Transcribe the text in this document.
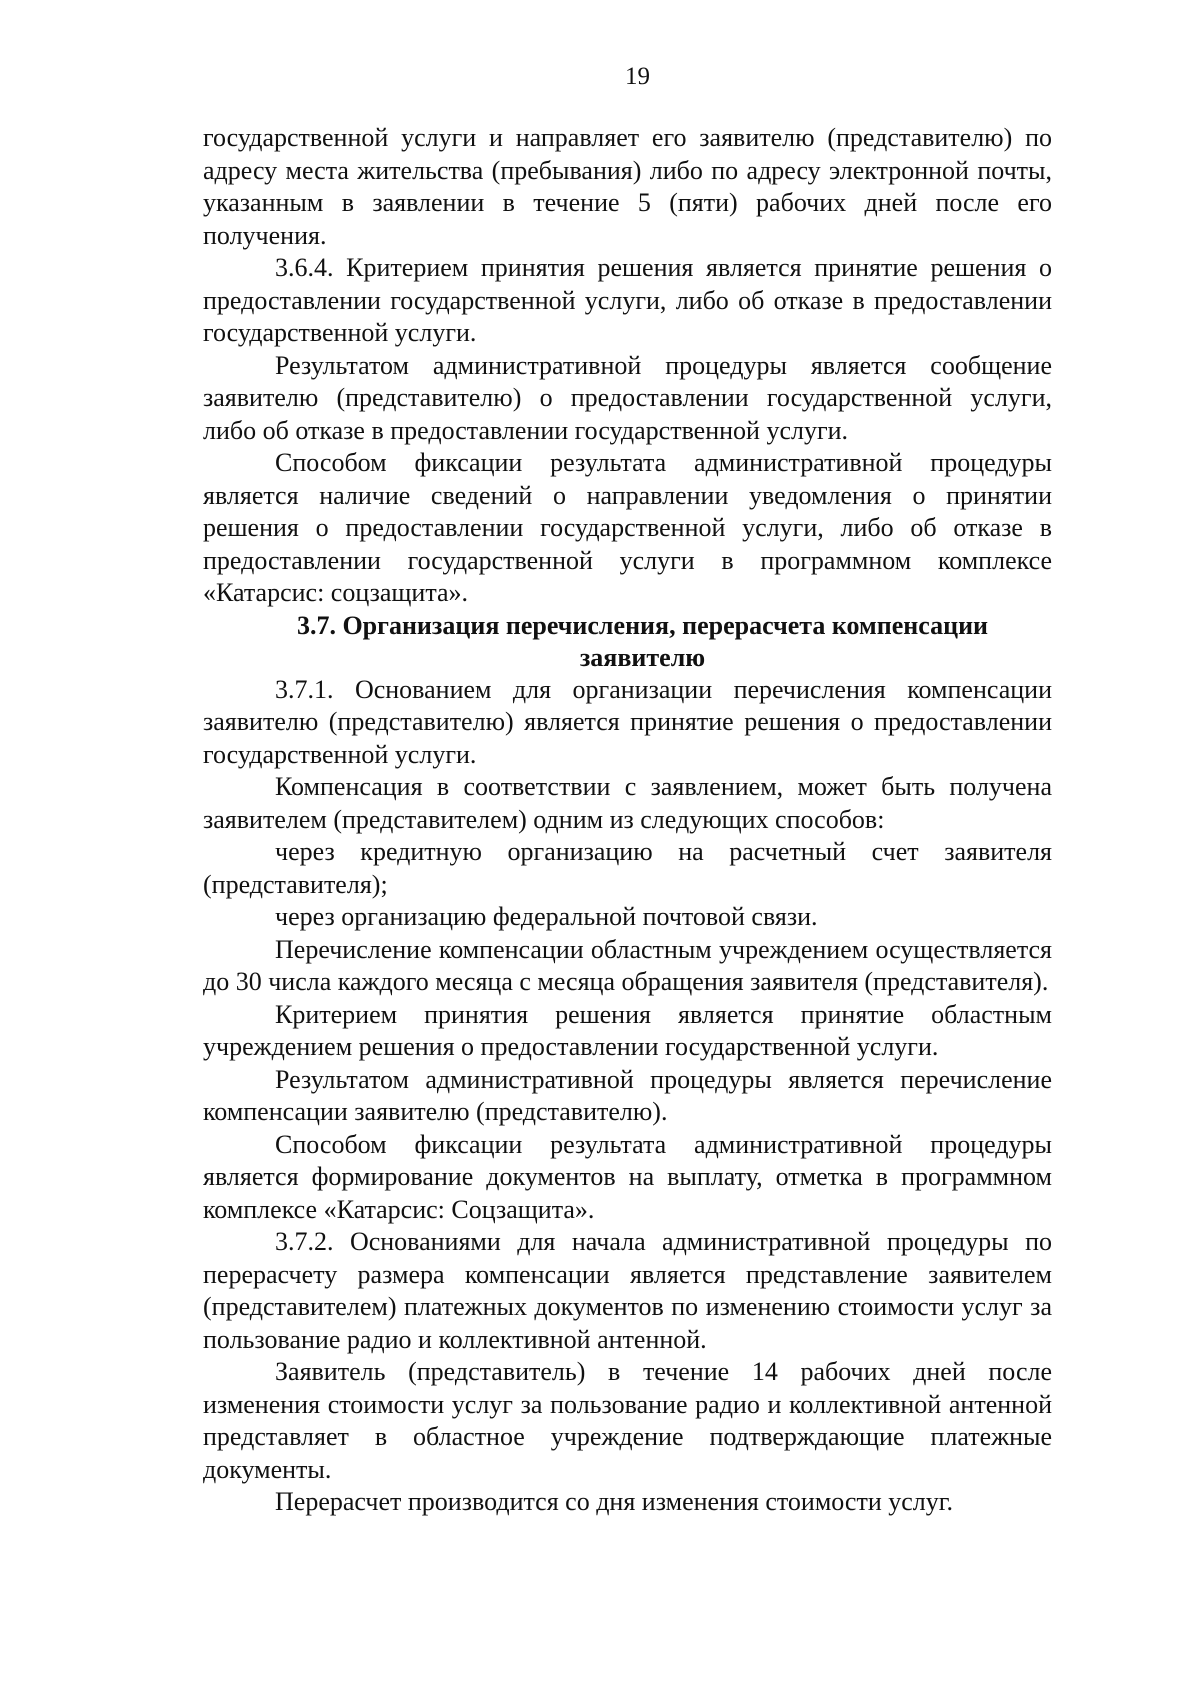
19

государственной услуги и направляет его заявителю (представителю) по адресу места жительства (пребывания) либо по адресу электронной почты, указанным в заявлении в течение 5 (пяти) рабочих дней после его получения.

3.6.4. Критерием принятия решения является принятие решения о предоставлении государственной услуги, либо об отказе в предоставлении государственной услуги.

Результатом административной процедуры является сообщение заявителю (представителю) о предоставлении государственной услуги, либо об отказе в предоставлении государственной услуги.

Способом фиксации результата административной процедуры является наличие сведений о направлении уведомления о принятии решения о предоставлении государственной услуги, либо об отказе в предоставлении государственной услуги в программном комплексе «Катарсис: соцзащита».

3.7. Организация перечисления, перерасчета компенсации

заявителю

3.7.1. Основанием для организации перечисления компенсации заявителю (представителю) является принятие решения о предоставлении государственной услуги.

Компенсация в соответствии с заявлением, может быть получена заявителем (представителем) одним из следующих способов:

через кредитную организацию на расчетный счет заявителя (представителя);

через организацию федеральной почтовой связи.

Перечисление компенсации областным учреждением осуществляется до 30 числа каждого месяца с месяца обращения заявителя (представителя).

Критерием принятия решения является принятие областным учреждением решения о предоставлении государственной услуги.

Результатом административной процедуры является перечисление компенсации заявителю (представителю).

Способом фиксации результата административной процедуры является формирование документов на выплату, отметка в программном комплексе «Катарсис: Соцзащита».

3.7.2. Основаниями для начала административной процедуры по перерасчету размера компенсации является представление заявителем (представителем) платежных документов по изменению стоимости услуг за пользование радио и коллективной антенной.

Заявитель (представитель) в течение 14 рабочих дней после изменения стоимости услуг за пользование радио и коллективной антенной представляет в областное учреждение подтверждающие платежные документы.

Перерасчет производится со дня изменения стоимости услуг.
